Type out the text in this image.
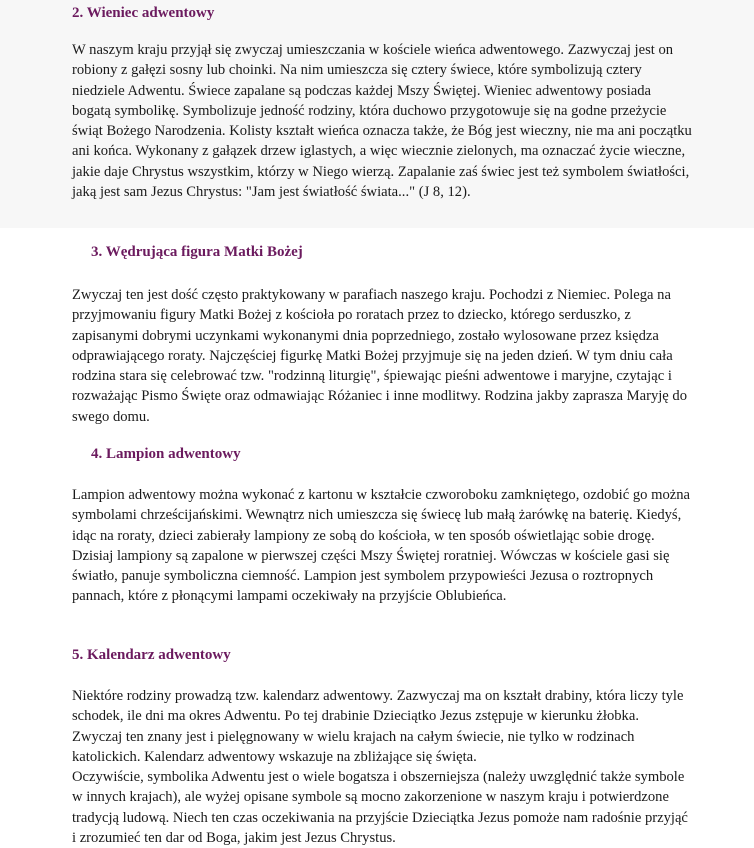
2. Wieniec adwentowy

W naszym kraju przyjął się zwyczaj umieszczania w kościele wieńca adwentowego. Zazwyczaj jest on robiony z gałęzi sosny lub choinki. Na nim umieszcza się cztery świece, które symbolizują cztery niedziele Adwentu. Świece zapalane są podczas każdej Mszy Świętej. Wieniec adwentowy posiada bogatą symbolikę. Symbolizuje jedność rodziny, która duchowo przygotowuje się na godne przeżycie świąt Bożego Narodzenia. Kolisty kształt wieńca oznacza także, że Bóg jest wieczny, nie ma ani początku ani końca. Wykonany z gałązek drzew iglastych, a więc wiecznie zielonych, ma oznaczać życie wieczne, jakie daje Chrystus wszystkim, którzy w Niego wierzą. Zapalanie zaś świec jest też symbolem światłości, jaką jest sam Jezus Chrystus: "Jam jest światłość świata..." (J 8, 12).

3. Wędrująca figura Matki Bożej

Zwyczaj ten jest dość często praktykowany w parafiach naszego kraju. Pochodzi z Niemiec. Polega na przyjmowaniu figury Matki Bożej z kościoła po roratach przez to dziecko, którego serduszko, z zapisanymi dobrymi uczynkami wykonanymi dnia poprzedniego, zostało wylosowane przez księdza odprawiającego roraty. Najczęściej figurkę Matki Bożej przyjmuje się na jeden dzień. W tym dniu cała rodzina stara się celebrować tzw. "rodzinną liturgię", śpiewając pieśni adwentowe i maryjne, czytając i rozważając Pismo Święte oraz odmawiając Różaniec i inne modlitwy. Rodzina jakby zaprasza Maryję do swego domu.

4. Lampion adwentowy

Lampion adwentowy można wykonać z kartonu w kształcie czworoboku zamkniętego, ozdobić go można symbolami chrześcijańskimi. Wewnątrz nich umieszcza się świecę lub małą żarówkę na baterię. Kiedyś, idąc na roraty, dzieci zabierały lampiony ze sobą do kościoła, w ten sposób oświetlając sobie drogę. Dzisiaj lampiony są zapalone w pierwszej części Mszy Świętej roratniej. Wówczas w kościele gasi się światło, panuje symboliczna ciemność. Lampion jest symbolem przypowieści Jezusa o roztropnych pannach, które z płonącymi lampami oczekiwały na przyjście Oblubieńca.

5. Kalendarz adwentowy

Niektóre rodziny prowadzą tzw. kalendarz adwentowy. Zazwyczaj ma on kształt drabiny, która liczy tyle schodek, ile dni ma okres Adwentu. Po tej drabinie Dzieciątko Jezus zstępuje w kierunku żłobka. Zwyczaj ten znany jest i pielęgnowany w wielu krajach na całym świecie, nie tylko w rodzinach katolickich. Kalendarz adwentowy wskazuje na zbliżające się święta.

Oczywiście, symbolika Adwentu jest o wiele bogatsza i obszerniejsza (należy uwzględnić także symbole w innych krajach), ale wyżej opisane symbole są mocno zakorzenione w naszym kraju i potwierdzone tradycją ludową. Niech ten czas oczekiwania na przyjście Dzieciątka Jezus pomoże nam radośnie przyjąć i zrozumieć ten dar od Boga, jakim jest Jezus Chrystus.
